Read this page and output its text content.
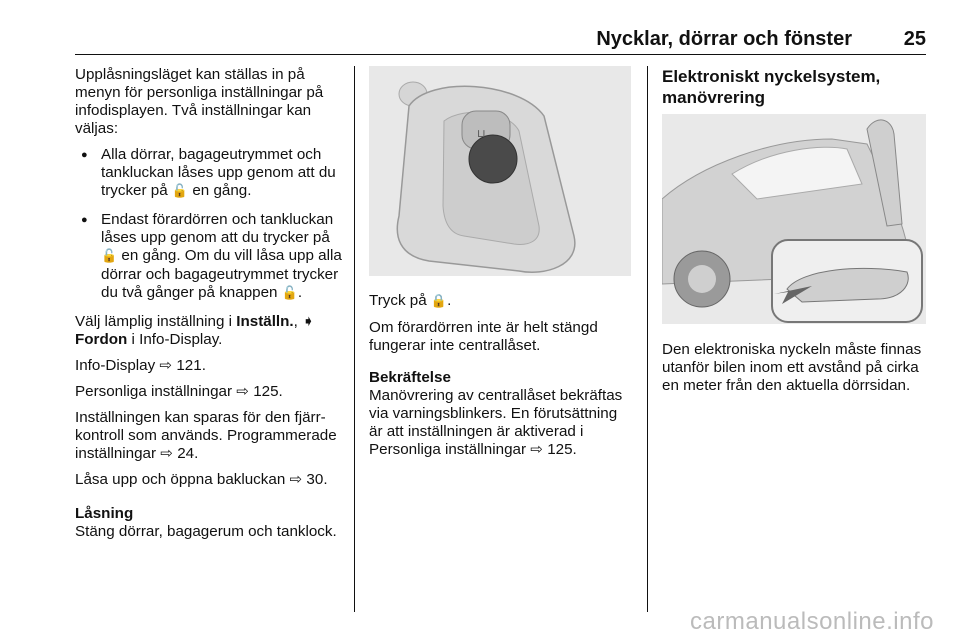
Nycklar, dörrar och fönster	25

Upplåsningsläget kan ställas in på menyn för personliga inställningar på infodisplayen. Två inställningar kan väljas:

● Alla dörrar, bagageutrymmet och tankluckan låses upp genom att du trycker på 🔓 en gång.
● Endast förardörren och tankluckan låses upp genom att du trycker på 🔓 en gång. Om du vill låsa upp alla dörrar och bagageutrymmet trycker du två gånger på knappen 🔓.

Välj lämplig inställning i Inställn., ➧ Fordon i Info-Display.

Info-Display ⇨ 121.

Personliga inställningar ⇨ 125.

Inställningen kan sparas för den fjärrkontroll som används. Programmerade inställningar ⇨ 24.

Låsa upp och öppna bakluckan ⇨ 30.

Låsning

Stäng dörrar, bagagerum och tanklock.

⊔

Tryck på 🔒.

Om förardörren inte är helt stängd fungerar inte centrallåset.

Bekräftelse

Manövrering av centrallåset bekräftas via varningsblinkers. En förutsättning är att inställningen är aktiverad i Personliga inställningar ⇨ 125.

Elektroniskt nyckelsystem, manövrering

Den elektroniska nyckeln måste finnas utanför bilen inom ett avstånd på cirka en meter från den aktuella dörrsidan.

carmanualsonline.info
